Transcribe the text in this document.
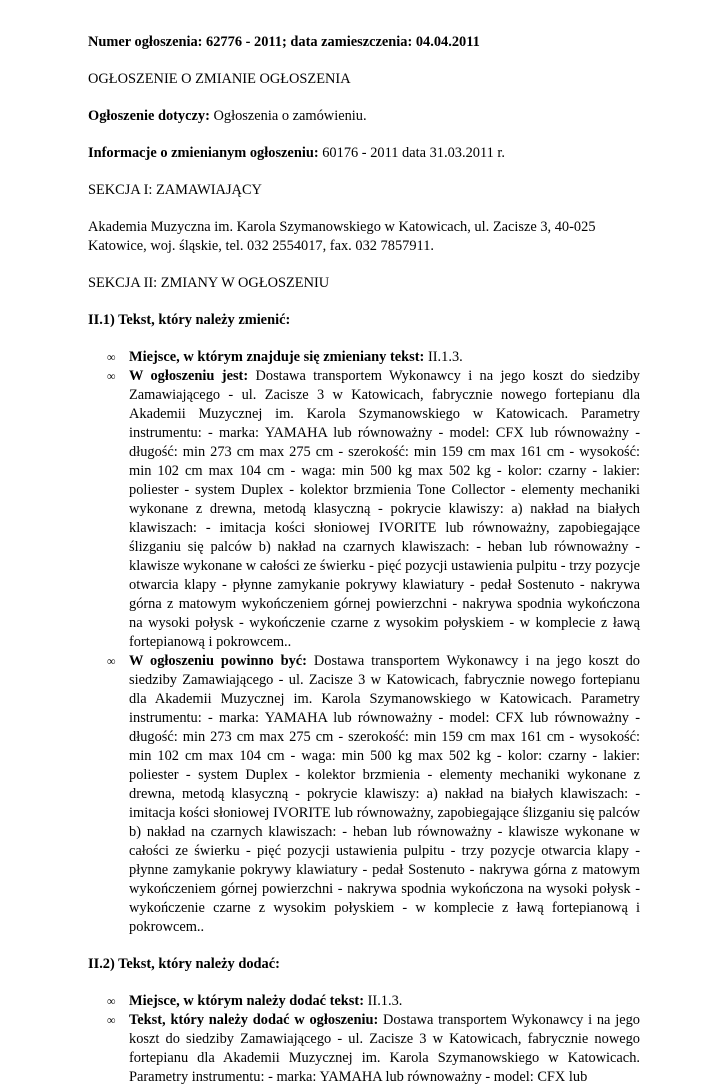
Numer ogłoszenia: 62776 - 2011; data zamieszczenia: 04.04.2011

OGŁOSZENIE O ZMIANIE OGŁOSZENIA

Ogłoszenie dotyczy: Ogłoszenia o zamówieniu.

Informacje o zmienianym ogłoszeniu: 60176 - 2011 data 31.03.2011 r.

SEKCJA I: ZAMAWIAJĄCY

Akademia Muzyczna im. Karola Szymanowskiego w Katowicach, ul. Zacisze 3, 40-025

Katowice, woj. śląskie, tel. 032 2554017, fax. 032 7857911.

SEKCJA II: ZMIANY W OGŁOSZENIU

II.1) Tekst, który należy zmienić:

∞ Miejsce, w którym znajduje się zmieniany tekst: II.1.3.
∞ W ogłoszeniu jest: Dostawa transportem Wykonawcy i na jego koszt do siedziby Zamawiającego - ul. Zacisze 3 w Katowicach, fabrycznie nowego fortepianu dla Akademii Muzycznej im. Karola Szymanowskiego w Katowicach. Parametry instrumentu: - marka: YAMAHA lub równoważny - model: CFX lub równoważny - długość: min 273 cm max 275 cm - szerokość: min 159 cm max 161 cm - wysokość: min 102 cm max 104 cm - waga: min 500 kg max 502 kg - kolor: czarny - lakier: poliester - system Duplex - kolektor brzmienia Tone Collector - elementy mechaniki wykonane z drewna, metodą klasyczną - pokrycie klawiszy: a) nakład na białych klawiszach: - imitacja kości słoniowej IVORITE lub równoważny, zapobiegające ślizganiu się palców b) nakład na czarnych klawiszach: - heban lub równoważny - klawisze wykonane w całości ze świerku - pięć pozycji ustawienia pulpitu - trzy pozycje otwarcia klapy - płynne zamykanie pokrywy klawiatury - pedał Sostenuto - nakrywa górna z matowym wykończeniem górnej powierzchni - nakrywa spodnia wykończona na wysoki połysk - wykończenie czarne z wysokim połyskiem - w komplecie z ławą fortepianową i pokrowcem..
∞ W ogłoszeniu powinno być: Dostawa transportem Wykonawcy i na jego koszt do siedziby Zamawiającego - ul. Zacisze 3 w Katowicach, fabrycznie nowego fortepianu dla Akademii Muzycznej im. Karola Szymanowskiego w Katowicach. Parametry instrumentu: - marka: YAMAHA lub równoważny - model: CFX lub równoważny - długość: min 273 cm max 275 cm - szerokość: min 159 cm max 161 cm - wysokość: min 102 cm max 104 cm - waga: min 500 kg max 502 kg - kolor: czarny - lakier: poliester - system Duplex - kolektor brzmienia - elementy mechaniki wykonane z drewna, metodą klasyczną - pokrycie klawiszy: a) nakład na białych klawiszach: - imitacja kości słoniowej IVORITE lub równoważny, zapobiegające ślizganiu się palców b) nakład na czarnych klawiszach: - heban lub równoważny - klawisze wykonane w całości ze świerku - pięć pozycji ustawienia pulpitu - trzy pozycje otwarcia klapy - płynne zamykanie pokrywy klawiatury - pedał Sostenuto - nakrywa górna z matowym wykończeniem górnej powierzchni - nakrywa spodnia wykończona na wysoki połysk - wykończenie czarne z wysokim połyskiem - w komplecie z ławą fortepianową i pokrowcem..

II.2) Tekst, który należy dodać:

∞ Miejsce, w którym należy dodać tekst: II.1.3.
∞ Tekst, który należy dodać w ogłoszeniu: Dostawa transportem Wykonawcy i na jego koszt do siedziby Zamawiającego - ul. Zacisze 3 w Katowicach, fabrycznie nowego fortepianu dla Akademii Muzycznej im. Karola Szymanowskiego w Katowicach. Parametry instrumentu: - marka: YAMAHA lub równoważny - model: CFX lub
